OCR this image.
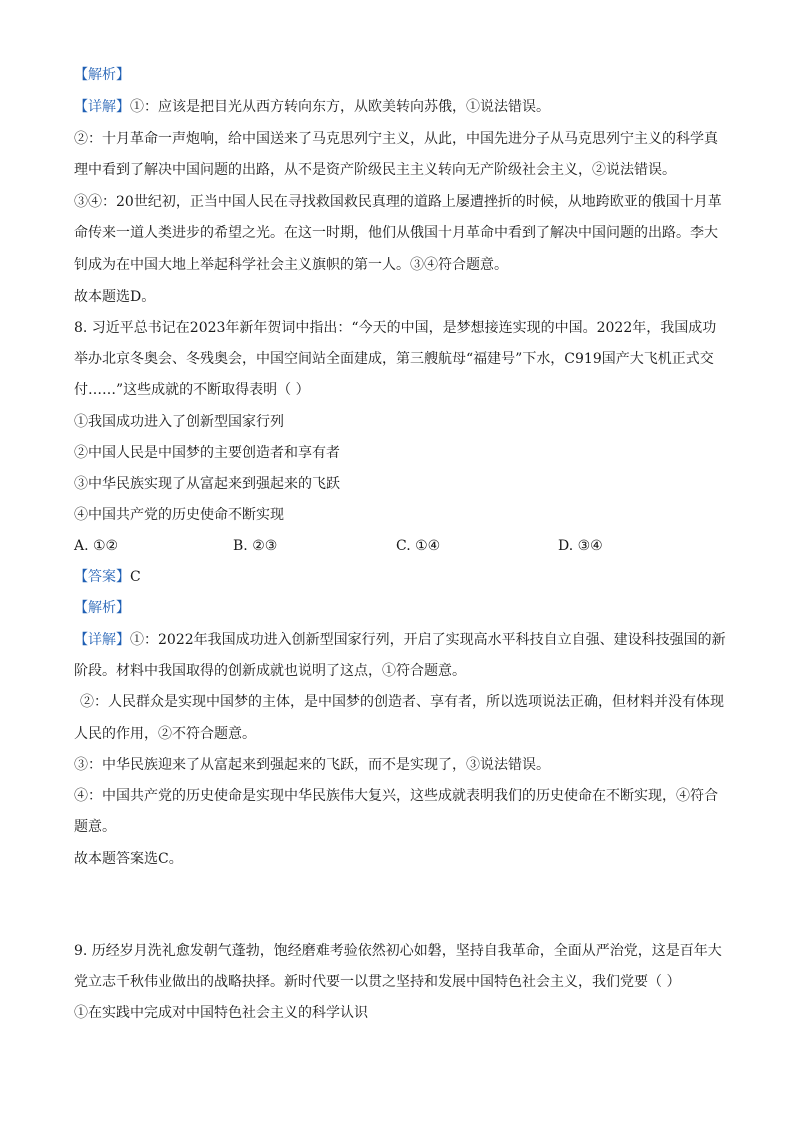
【解析】
【详解】①：应该是把目光从西方转向东方，从欧美转向苏俄，①说法错误。
②：十月革命一声炮响，给中国送来了马克思列宁主义，从此，中国先进分子从马克思列宁主义的科学真
理中看到了解决中国问题的出路，从不是资产阶级民主主义转向无产阶级社会主义，②说法错误。
③④：20世纪初，正当中国人民在寻找救国救民真理的道路上屡遭挫折的时候，从地跨欧亚的俄国十月革
命传来一道人类进步的希望之光。在这一时期，他们从俄国十月革命中看到了解决中国问题的出路。李大
钊成为在中国大地上举起科学社会主义旗帜的第一人。③④符合题意。
故本题选D。
8. 习近平总书记在2023年新年贺词中指出：“今天的中国，是梦想接连实现的中国。2022年，我国成功
举办北京冬奥会、冬残奥会，中国空间站全面建成，第三艘航母“福建号”下水，C919国产大飞机正式交
付……”这些成就的不断取得表明（ ）
①我国成功进入了创新型国家行列
②中国人民是中国梦的主要创造者和享有者
③中华民族实现了从富起来到强起来的飞跃
④中国共产党的历史使命不断实现
A. ①②	B. ②③	C. ①④	D. ③④
【答案】C
【解析】
【详解】①：2022年我国成功进入创新型国家行列，开启了实现高水平科技自立自强、建设科技强国的新
阶段。材料中我国取得的创新成就也说明了这点，①符合题意。
②：人民群众是实现中国梦的主体，是中国梦的创造者、享有者，所以选项说法正确，但材料并没有体现
人民的作用，②不符合题意。
③：中华民族迎来了从富起来到强起来的飞跃，而不是实现了，③说法错误。
④：中国共产党的历史使命是实现中华民族伟大复兴，这些成就表明我们的历史使命在不断实现，④符合
题意。
故本题答案选C。
9. 历经岁月洗礼愈发朝气蓬勃，饱经磨难考验依然初心如磐，坚持自我革命，全面从严治党，这是百年大
党立志千秋伟业做出的战略抉择。新时代要一以贯之坚持和发展中国特色社会主义，我们党要（ ）
①在实践中完成对中国特色社会主义的科学认识
